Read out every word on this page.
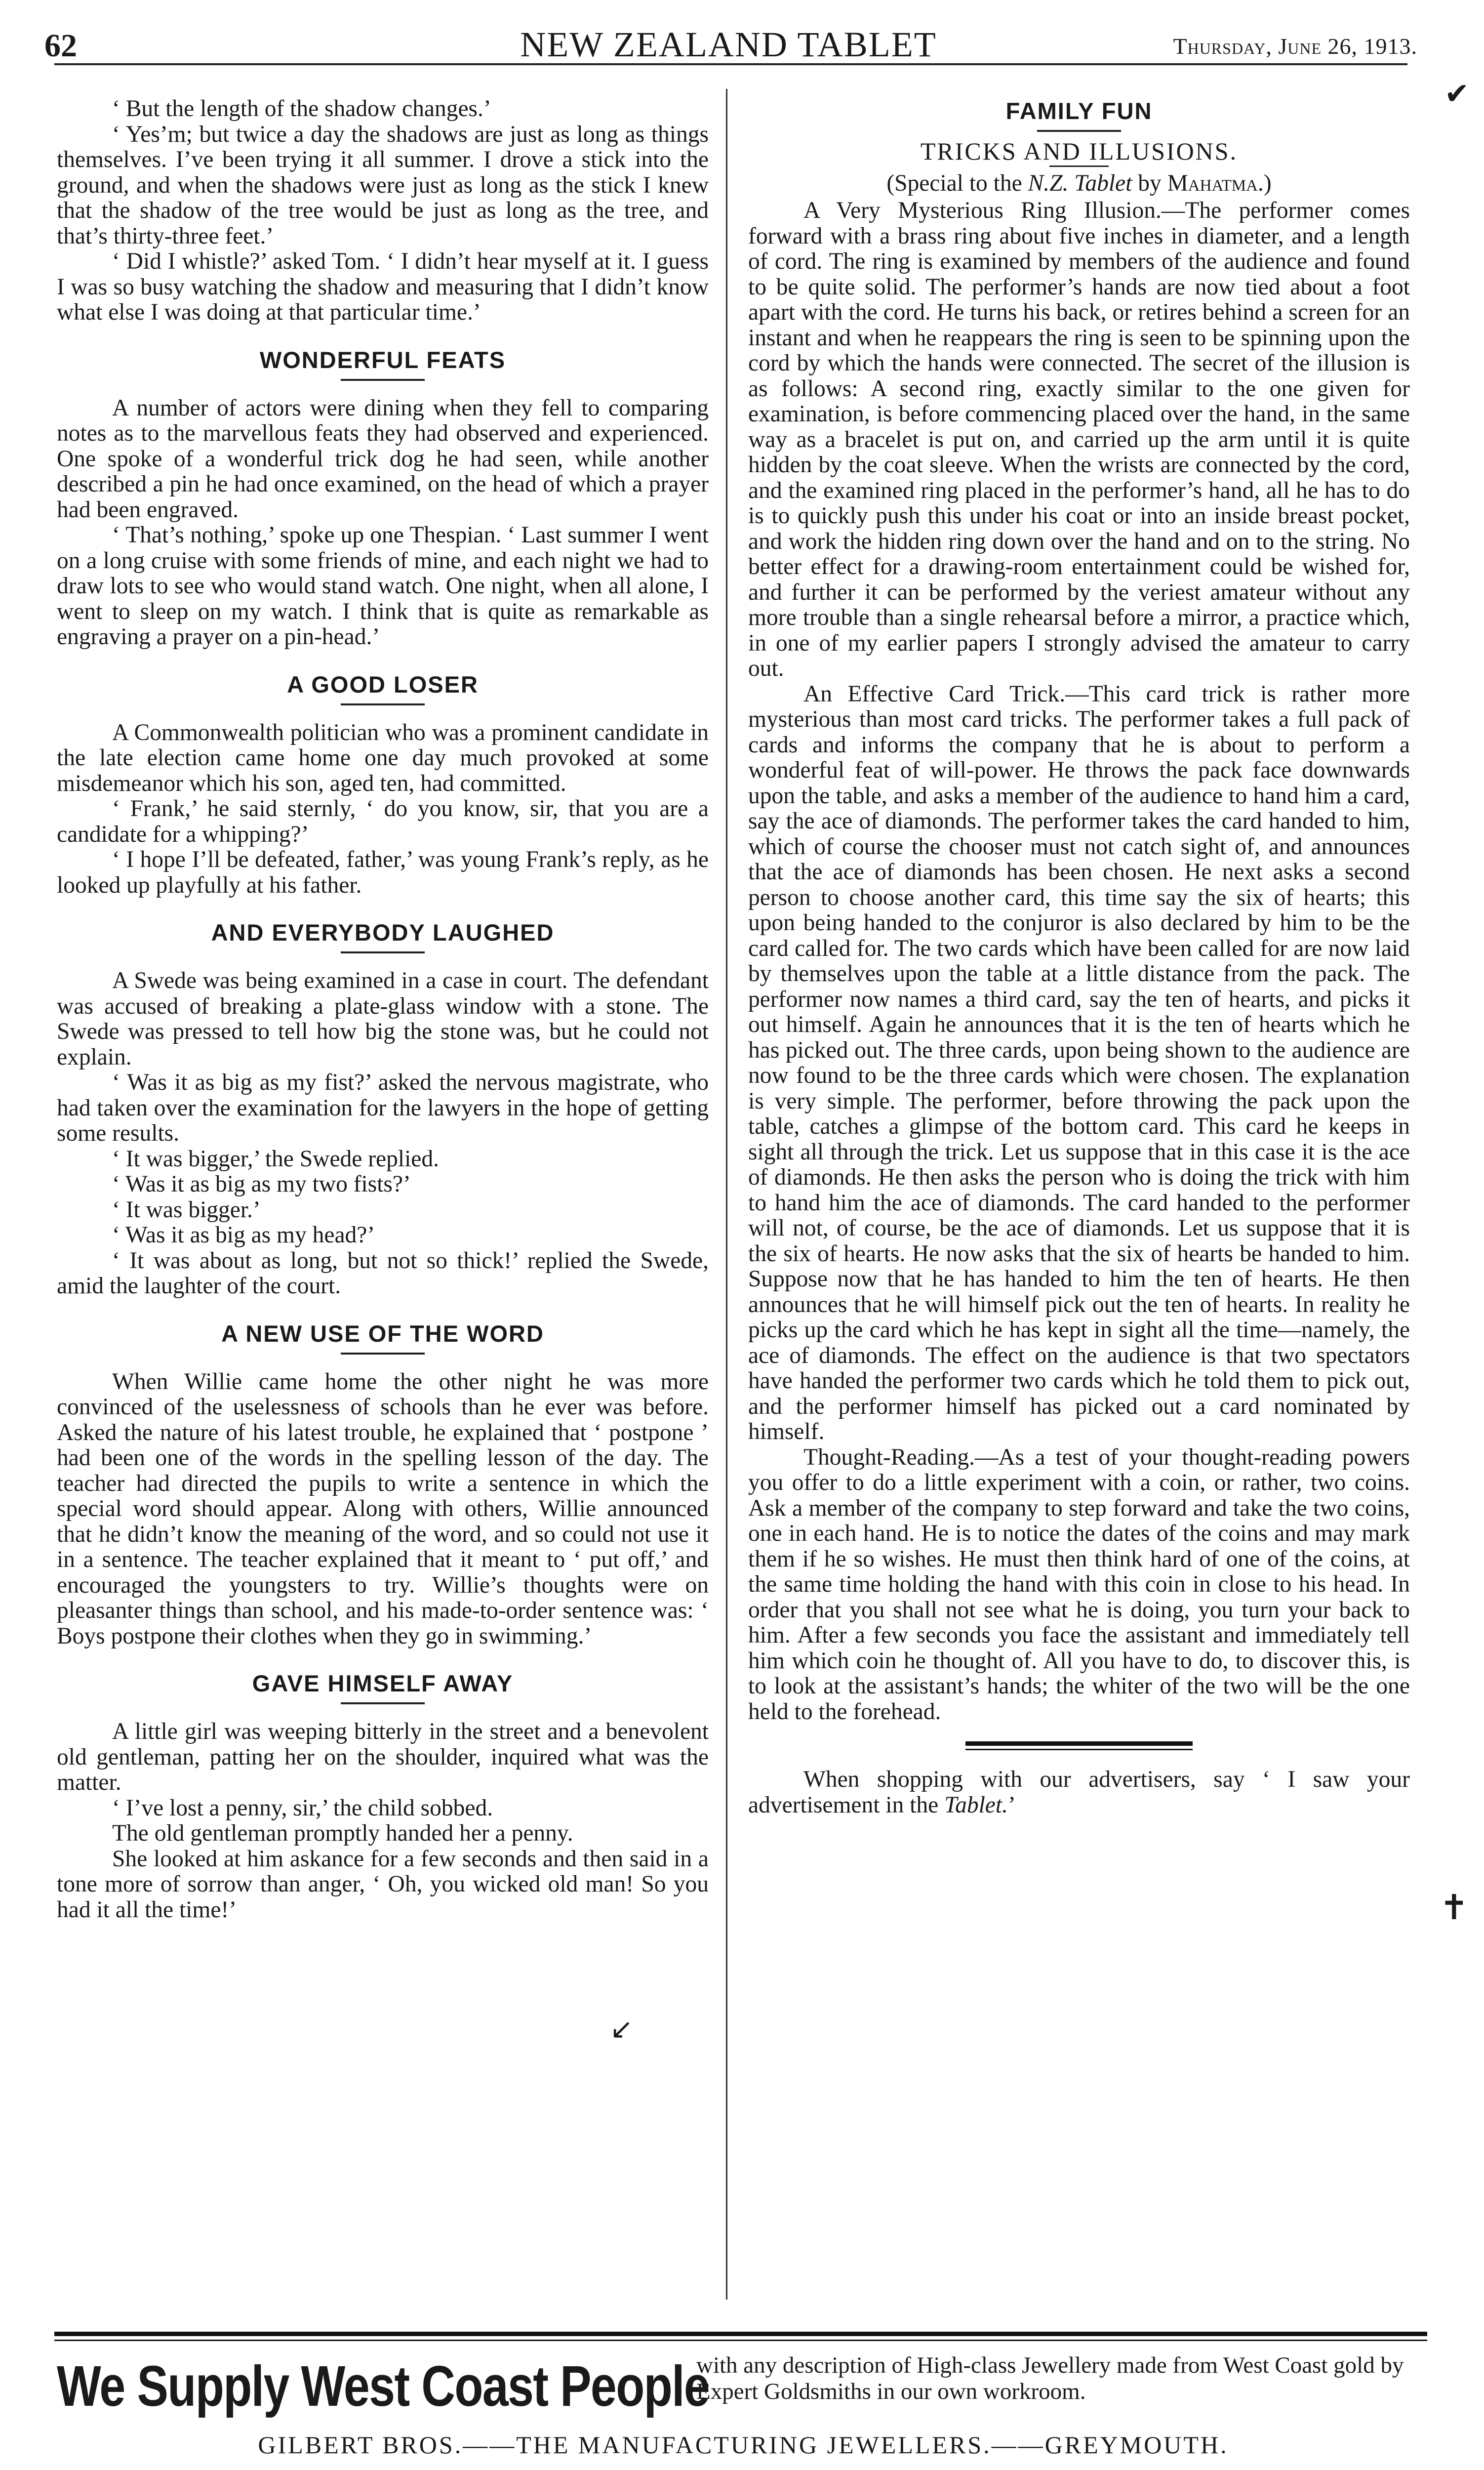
62	NEW ZEALAND TABLET	Thursday, June 26, 1913.

‘ But the length of the shadow changes.’

‘ Yes’m; but twice a day the shadows are just as long as things themselves. I’ve been trying it all summer. I drove a stick into the ground, and when the shadows were just as long as the stick I knew that the shadow of the tree would be just as long as the tree, and that’s thirty-three feet.’

‘ Did I whistle?’ asked Tom. ‘ I didn’t hear myself at it. I guess I was so busy watching the shadow and measuring that I didn’t know what else I was doing at that particular time.’

WONDERFUL FEATS

A number of actors were dining when they fell to comparing notes as to the marvellous feats they had observed and experienced. One spoke of a wonderful trick dog he had seen, while another described a pin he had once examined, on the head of which a prayer had been engraved.

‘ That’s nothing,’ spoke up one Thespian. ‘ Last summer I went on a long cruise with some friends of mine, and each night we had to draw lots to see who would stand watch. One night, when all alone, I went to sleep on my watch. I think that is quite as remarkable as engraving a prayer on a pin-head.’

A GOOD LOSER

A Commonwealth politician who was a prominent candidate in the late election came home one day much provoked at some misdemeanor which his son, aged ten, had committed.

‘ Frank,’ he said sternly, ‘ do you know, sir, that you are a candidate for a whipping?’

‘ I hope I’ll be defeated, father,’ was young Frank’s reply, as he looked up playfully at his father.

AND EVERYBODY LAUGHED

A Swede was being examined in a case in court. The defendant was accused of breaking a plate-glass window with a stone. The Swede was pressed to tell how big the stone was, but he could not explain.

‘ Was it as big as my fist?’ asked the nervous magistrate, who had taken over the examination for the lawyers in the hope of getting some results.

‘ It was bigger,’ the Swede replied.

‘ Was it as big as my two fists?’

‘ It was bigger.’

‘ Was it as big as my head?’

‘ It was about as long, but not so thick!’ replied the Swede, amid the laughter of the court.

A NEW USE OF THE WORD

When Willie came home the other night he was more convinced of the uselessness of schools than he ever was before. Asked the nature of his latest trouble, he explained that ‘ postpone ’ had been one of the words in the spelling lesson of the day. The teacher had directed the pupils to write a sentence in which the special word should appear. Along with others, Willie announced that he didn’t know the meaning of the word, and so could not use it in a sentence. The teacher explained that it meant to ‘ put off,’ and encouraged the youngsters to try. Willie’s thoughts were on pleasanter things than school, and his made-to-order sentence was: ‘ Boys postpone their clothes when they go in swimming.’

GAVE HIMSELF AWAY

A little girl was weeping bitterly in the street and a benevolent old gentleman, patting her on the shoulder, inquired what was the matter.

‘ I’ve lost a penny, sir,’ the child sobbed.

The old gentleman promptly handed her a penny.

She looked at him askance for a few seconds and then said in a tone more of sorrow than anger, ‘ Oh, you wicked old man! So you had it all the time!’

FAMILY FUN
TRICKS AND ILLUSIONS.
(Special to the N.Z. Tablet by Mahatma.)

A Very Mysterious Ring Illusion.—The performer comes forward with a brass ring about five inches in diameter, and a length of cord. The ring is examined by members of the audience and found to be quite solid. The performer’s hands are now tied about a foot apart with the cord. He turns his back, or retires behind a screen for an instant and when he reappears the ring is seen to be spinning upon the cord by which the hands were connected. The secret of the illusion is as follows: A second ring, exactly similar to the one given for examination, is before commencing placed over the hand, in the same way as a bracelet is put on, and carried up the arm until it is quite hidden by the coat sleeve. When the wrists are connected by the cord, and the examined ring placed in the performer’s hand, all he has to do is to quickly push this under his coat or into an inside breast pocket, and work the hidden ring down over the hand and on to the string. No better effect for a drawing-room entertainment could be wished for, and further it can be performed by the veriest amateur without any more trouble than a single rehearsal before a mirror, a practice which, in one of my earlier papers I strongly advised the amateur to carry out.

An Effective Card Trick.—This card trick is rather more mysterious than most card tricks. The performer takes a full pack of cards and informs the company that he is about to perform a wonderful feat of will-power. He throws the pack face downwards upon the table, and asks a member of the audience to hand him a card, say the ace of diamonds. The performer takes the card handed to him, which of course the chooser must not catch sight of, and announces that the ace of diamonds has been chosen. He next asks a second person to choose another card, this time say the six of hearts; this upon being handed to the conjuror is also declared by him to be the card called for. The two cards which have been called for are now laid by themselves upon the table at a little distance from the pack. The performer now names a third card, say the ten of hearts, and picks it out himself. Again he announces that it is the ten of hearts which he has picked out. The three cards, upon being shown to the audience are now found to be the three cards which were chosen. The explanation is very simple. The performer, before throwing the pack upon the table, catches a glimpse of the bottom card. This card he keeps in sight all through the trick. Let us suppose that in this case it is the ace of diamonds. He then asks the person who is doing the trick with him to hand him the ace of diamonds. The card handed to the performer will not, of course, be the ace of diamonds. Let us suppose that it is the six of hearts. He now asks that the six of hearts be handed to him. Suppose now that he has handed to him the ten of hearts. He then announces that he will himself pick out the ten of hearts. In reality he picks up the card which he has kept in sight all the time—namely, the ace of diamonds. The effect on the audience is that two spectators have handed the performer two cards which he told them to pick out, and the performer himself has picked out a card nominated by himself.

Thought-Reading.—As a test of your thought-reading powers you offer to do a little experiment with a coin, or rather, two coins. Ask a member of the company to step forward and take the two coins, one in each hand. He is to notice the dates of the coins and may mark them if he so wishes. He must then think hard of one of the coins, at the same time holding the hand with this coin in close to his head. In order that you shall not see what he is doing, you turn your back to him. After a few seconds you face the assistant and immediately tell him which coin he thought of. All you have to do, to discover this, is to look at the assistant’s hands; the whiter of the two will be the one held to the forehead.

When shopping with our advertisers, say ‘ I saw your advertisement in the Tablet.’

We Supply West Coast People
with any description of High-class Jewellery made from West Coast gold by Expert Goldsmiths in our own workroom.
GILBERT BROS.——THE MANUFACTURING JEWELLERS.——GREYMOUTH.
✔
✝
↙
